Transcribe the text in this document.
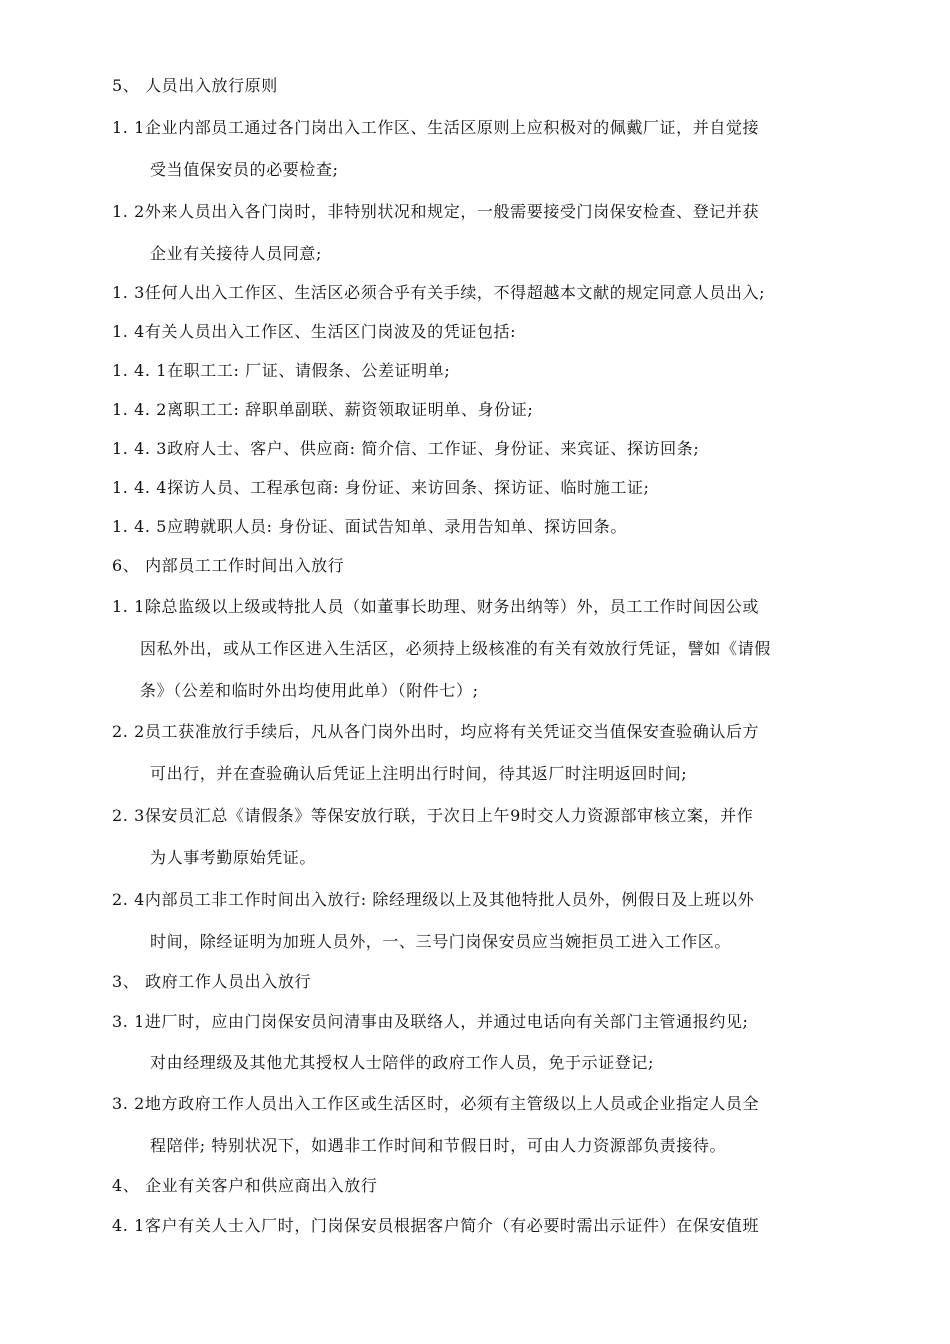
5、 人员出入放行原则
1. 1企业内部员工通过各门岗出入工作区、生活区原则上应积极对的佩戴厂证，并自觉接
受当值保安员的必要检查;
1. 2外来人员出入各门岗时，非特别状况和规定，一般需要接受门岗保安检查、登记并获
企业有关接待人员同意;
1. 3任何人出入工作区、生活区必须合乎有关手续，不得超越本文献的规定同意人员出入;
1. 4有关人员出入工作区、生活区门岗波及的凭证包括:
1. 4. 1在职工工: 厂证、请假条、公差证明单;
1. 4. 2离职工工: 辞职单副联、薪资领取证明单、身份证;
1. 4. 3政府人士、客户、供应商: 简介信、工作证、身份证、来宾证、探访回条;
1. 4. 4探访人员、工程承包商: 身份证、来访回条、探访证、临时施工证;
1. 4. 5应聘就职人员: 身份证、面试告知单、录用告知单、探访回条。
6、 内部员工工作时间出入放行
1. 1除总监级以上级或特批人员（如董事长助理、财务出纳等）外，员工工作时间因公或
因私外出，或从工作区进入生活区，必须持上级核准的有关有效放行凭证，譬如《请假
条》（公差和临时外出均使用此单）（附件七）;
2. 2员工获准放行手续后，凡从各门岗外出时，均应将有关凭证交当值保安查验确认后方
可出行，并在查验确认后凭证上注明出行时间，待其返厂时注明返回时间;
2. 3保安员汇总《请假条》等保安放行联，于次日上午9时交人力资源部审核立案，并作
为人事考勤原始凭证。
2. 4内部员工非工作时间出入放行: 除经理级以上及其他特批人员外，例假日及上班以外
时间，除经证明为加班人员外，一、三号门岗保安员应当婉拒员工进入工作区。
3、 政府工作人员出入放行
3. 1进厂时，应由门岗保安员问清事由及联络人，并通过电话向有关部门主管通报约见;
对由经理级及其他尤其授权人士陪伴的政府工作人员，免于示证登记;
3. 2地方政府工作人员出入工作区或生活区时，必须有主管级以上人员或企业指定人员全
程陪伴; 特别状况下，如遇非工作时间和节假日时，可由人力资源部负责接待。
4、 企业有关客户和供应商出入放行
4. 1客户有关人士入厂时，门岗保安员根据客户简介（有必要时需出示证件）在保安值班
